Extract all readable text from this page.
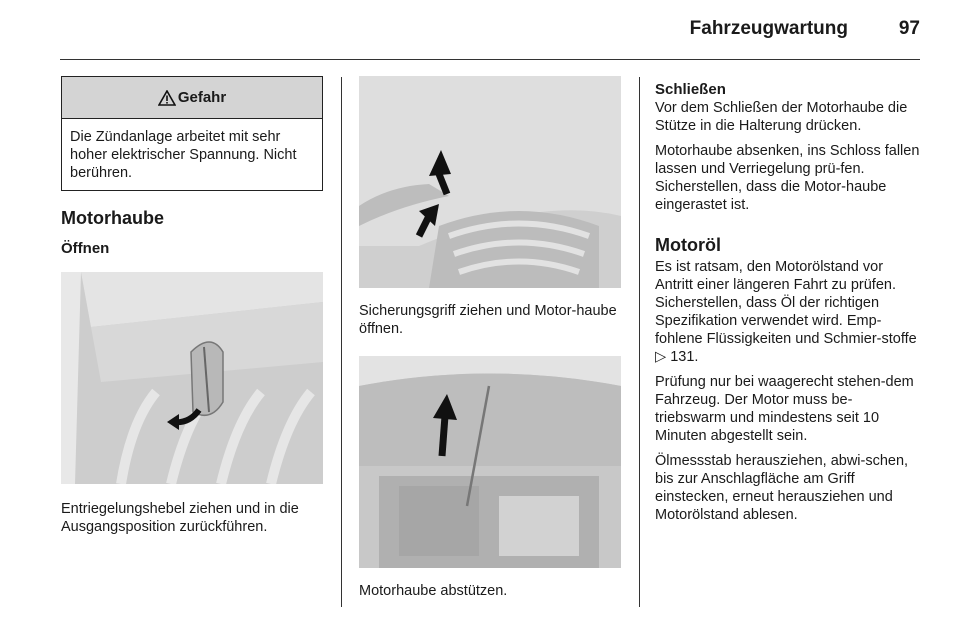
Fahrzeugwartung	97
Gefahr
Die Zündanlage arbeitet mit sehr hoher elektrischer Spannung. Nicht berühren.
Motorhaube
Öffnen
Entriegelungshebel ziehen und in die Ausgangsposition zurückführen.
Sicherungsgriff ziehen und Motor-haube öffnen.
Motorhaube abstützen.
Schließen
Vor dem Schließen der Motorhaube die Stütze in die Halterung drücken.
Motorhaube absenken, ins Schloss fallen lassen und Verriegelung prü-fen. Sicherstellen, dass die Motor-haube eingerastet ist.
Motoröl
Es ist ratsam, den Motorölstand vor Antritt einer längeren Fahrt zu prüfen. Sicherstellen, dass Öl der richtigen Spezifikation verwendet wird. Emp-fohlene Flüssigkeiten und Schmier-stoffe ▷ 131.
Prüfung nur bei waagerecht stehen-dem Fahrzeug. Der Motor muss be-triebswarm und mindestens seit 10 Minuten abgestellt sein.
Ölmessstab herausziehen, abwi-schen, bis zur Anschlagfläche am Griff einstecken, erneut herausziehen und Motorölstand ablesen.
